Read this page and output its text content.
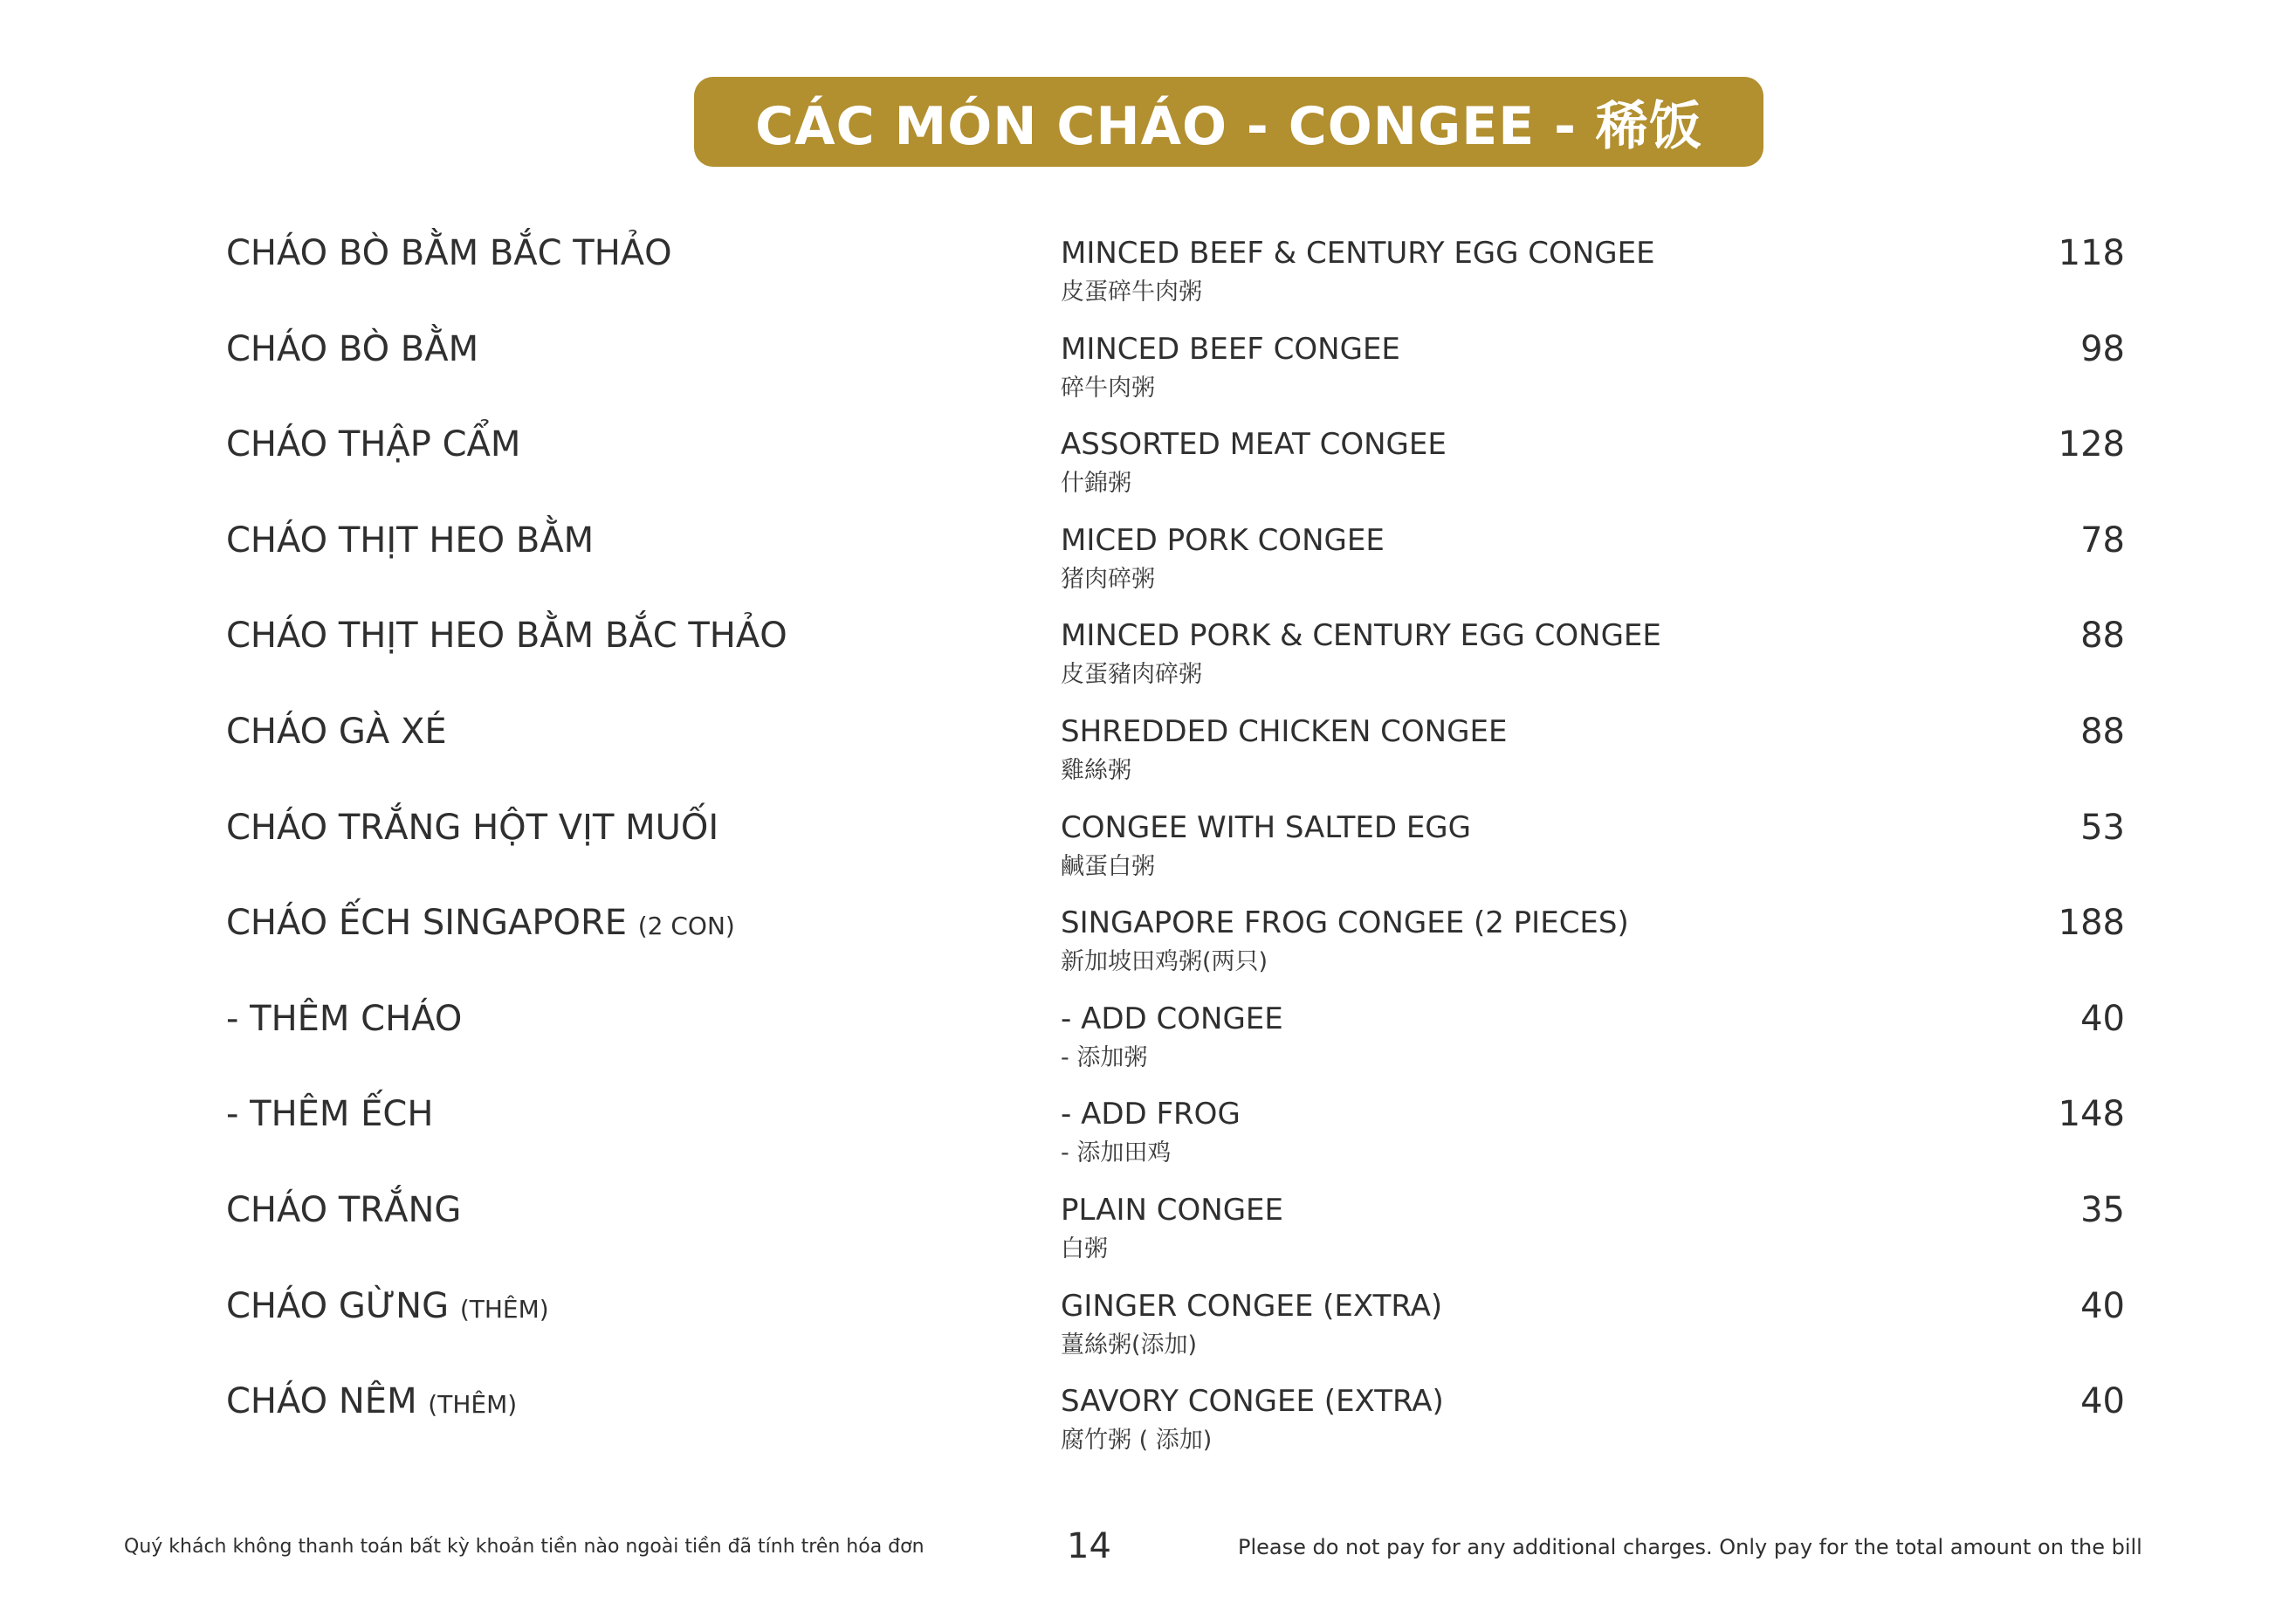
CÁC MÓN CHÁO - CONGEE - 稀饭
CHÁO BÒ BẰM BẮC THẢO	MINCED BEEF & CENTURY EGG CONGEE
皮蛋碎牛肉粥
118
CHÁO BÒ BẰM	MINCED BEEF CONGEE
碎牛肉粥
98
CHÁO THẬP CẨM	ASSORTED MEAT CONGEE
什錦粥
128
CHÁO THỊT HEO BẰM	MICED PORK CONGEE
猪肉碎粥
78
CHÁO THỊT HEO BẰM BẮC THẢO	MINCED PORK & CENTURY EGG CONGEE
皮蛋豬肉碎粥
88
CHÁO GÀ XÉ	SHREDDED CHICKEN CONGEE
雞絲粥
88
CHÁO TRẮNG HỘT VỊT MUỐI	CONGEE WITH SALTED EGG
鹹蛋白粥
53
CHÁO ẾCH SINGAPORE (2 CON)	SINGAPORE FROG CONGEE (2 PIECES)
新加坡田鸡粥(两只)
188
- THÊM CHÁO	- ADD CONGEE
- 添加粥
40
- THÊM ẾCH	- ADD FROG
- 添加田鸡
148
CHÁO TRẮNG	PLAIN CONGEE
白粥
35
CHÁO GỪNG (THÊM)	GINGER CONGEE (EXTRA)
薑絲粥(添加)
40
CHÁO NÊM (THÊM)	SAVORY CONGEE (EXTRA)
腐竹粥 ( 添加)
40
Quý khách không thanh toán bất kỳ khoản tiền nào ngoài tiền đã tính trên hóa đơn	14	Please do not pay for any additional charges. Only pay for the total amount on the bill
